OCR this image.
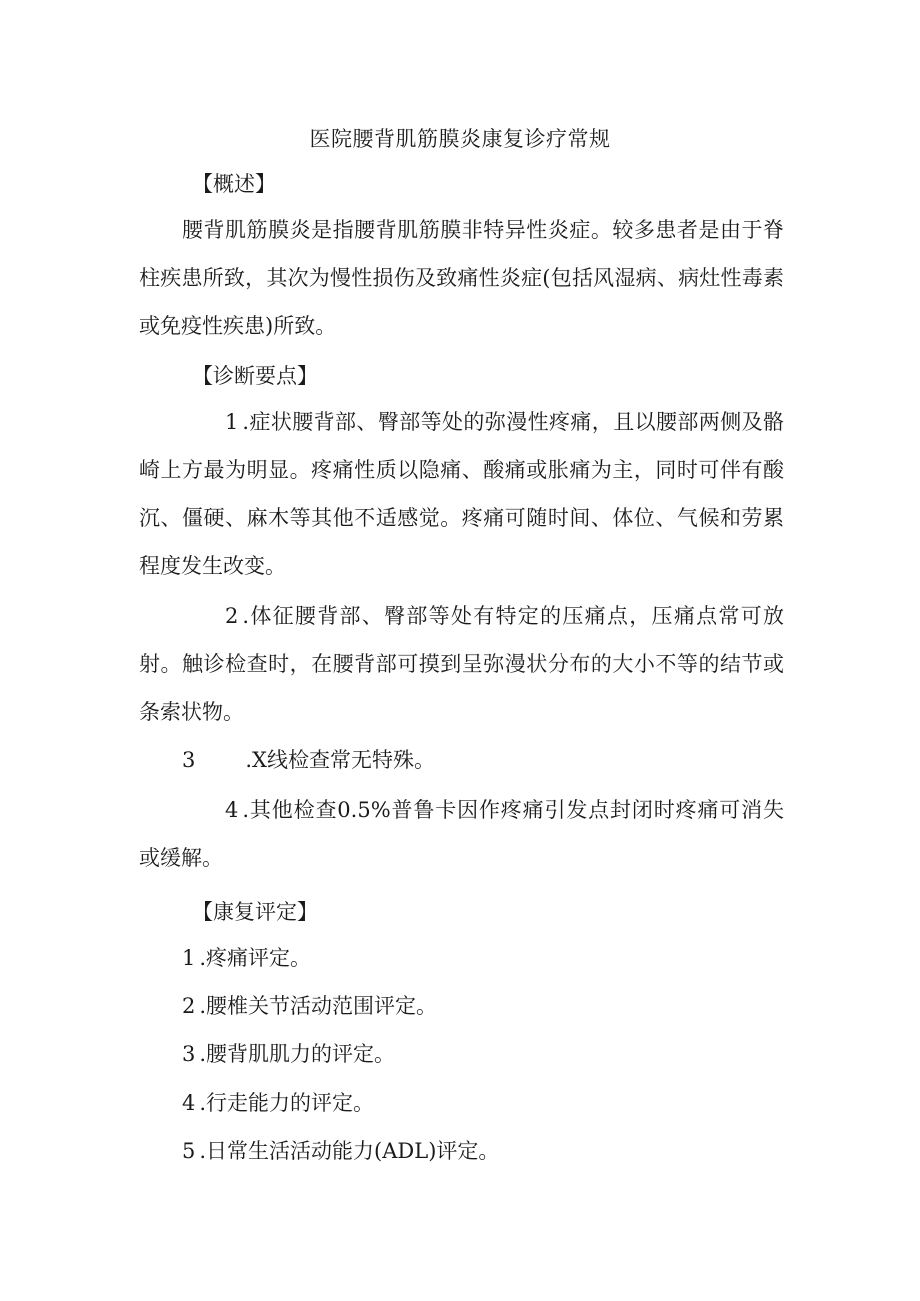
医院腰背肌筋膜炎康复诊疗常规
【概述】

腰背肌筋膜炎是指腰背肌筋膜非特异性炎症。较多患者是由于脊柱疾患所致，其次为慢性损伤及致痛性炎症(包括风湿病、病灶性毒素或免疫性疾患)所致。

【诊断要点】

1 .症状腰背部、臀部等处的弥漫性疼痛，且以腰部两侧及骼崎上方最为明显。疼痛性质以隐痛、酸痛或胀痛为主，同时可伴有酸沉、僵硬、麻木等其他不适感觉。疼痛可随时间、体位、气候和劳累程度发生改变。

2 .体征腰背部、臀部等处有特定的压痛点，压痛点常可放射。触诊检查时，在腰背部可摸到呈弥漫状分布的大小不等的结节或条索状物。

3 .X线检查常无特殊。

4 .其他检查0.5%普鲁卡因作疼痛引发点封闭时疼痛可消失或缓解。

【康复评定】
1 .疼痛评定。
2 .腰椎关节活动范围评定。
3 .腰背肌肌力的评定。
4 .行走能力的评定。
5 .日常生活活动能力(ADL)评定。
